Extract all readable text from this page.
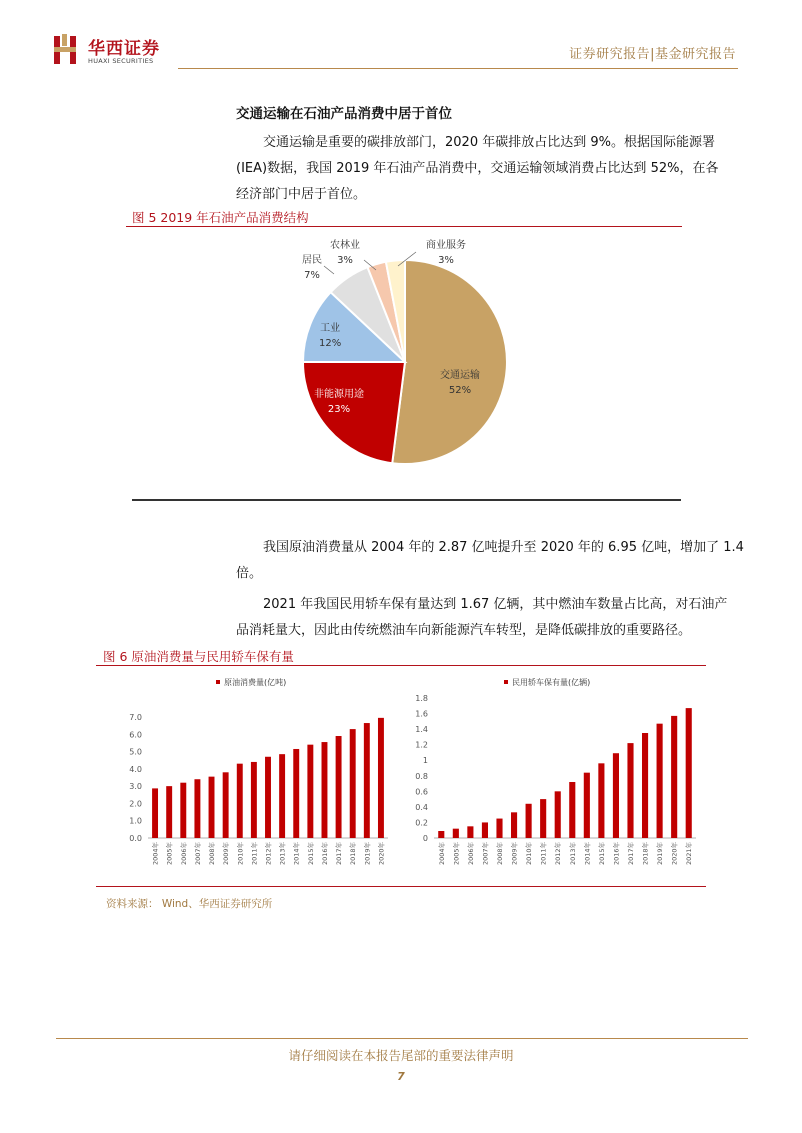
华西证券
HUAXI SECURITIES	证券研究报告|基金研究报告
交通运输在石油产品消费中居于首位

交通运输是重要的碳排放部门，2020 年碳排放占比达到 9%。根据国际能源署

(IEA)数据，我国 2019 年石油产品消费中，交通运输领域消费占比达到 52%，在各

经济部门中居于首位。

图 5 2019 年石油产品消费结构
交通运输
52%
非能源用途
23%
工业
12%
居民
7%
农林业
3%
商业服务
3%

我国原油消费量从 2004 年的 2.87 亿吨提升至 2020 年的 6.95 亿吨，增加了 1.4

倍。

2021 年我国民用轿车保有量达到 1.67 亿辆，其中燃油车数量占比高，对石油产

品消耗量大，因此由传统燃油车向新能源汽车转型，是降低碳排放的重要路径。

图 6 原油消费量与民用轿车保有量
原油消费量(亿吨)
0.0
1.0
2.0
3.0
4.0
5.0
6.0
7.0
2004年 2005年 2006年 2007年 2008年 2009年 2010年 2011年 2012年 2013年 2014年 2015年 2016年 2017年 2018年 2019年 2020年
民用轿车保有量(亿辆)
0
0.2
0.4
0.6
0.8
1
1.2
1.4
1.6
1.8
2004年 2005年 2006年 2007年 2008年 2009年 2010年 2011年 2012年 2013年 2014年 2015年 2016年 2017年 2018年 2019年 2020年 2021年
资料来源： Wind、华西证券研究所
请仔细阅读在本报告尾部的重要法律声明
7
